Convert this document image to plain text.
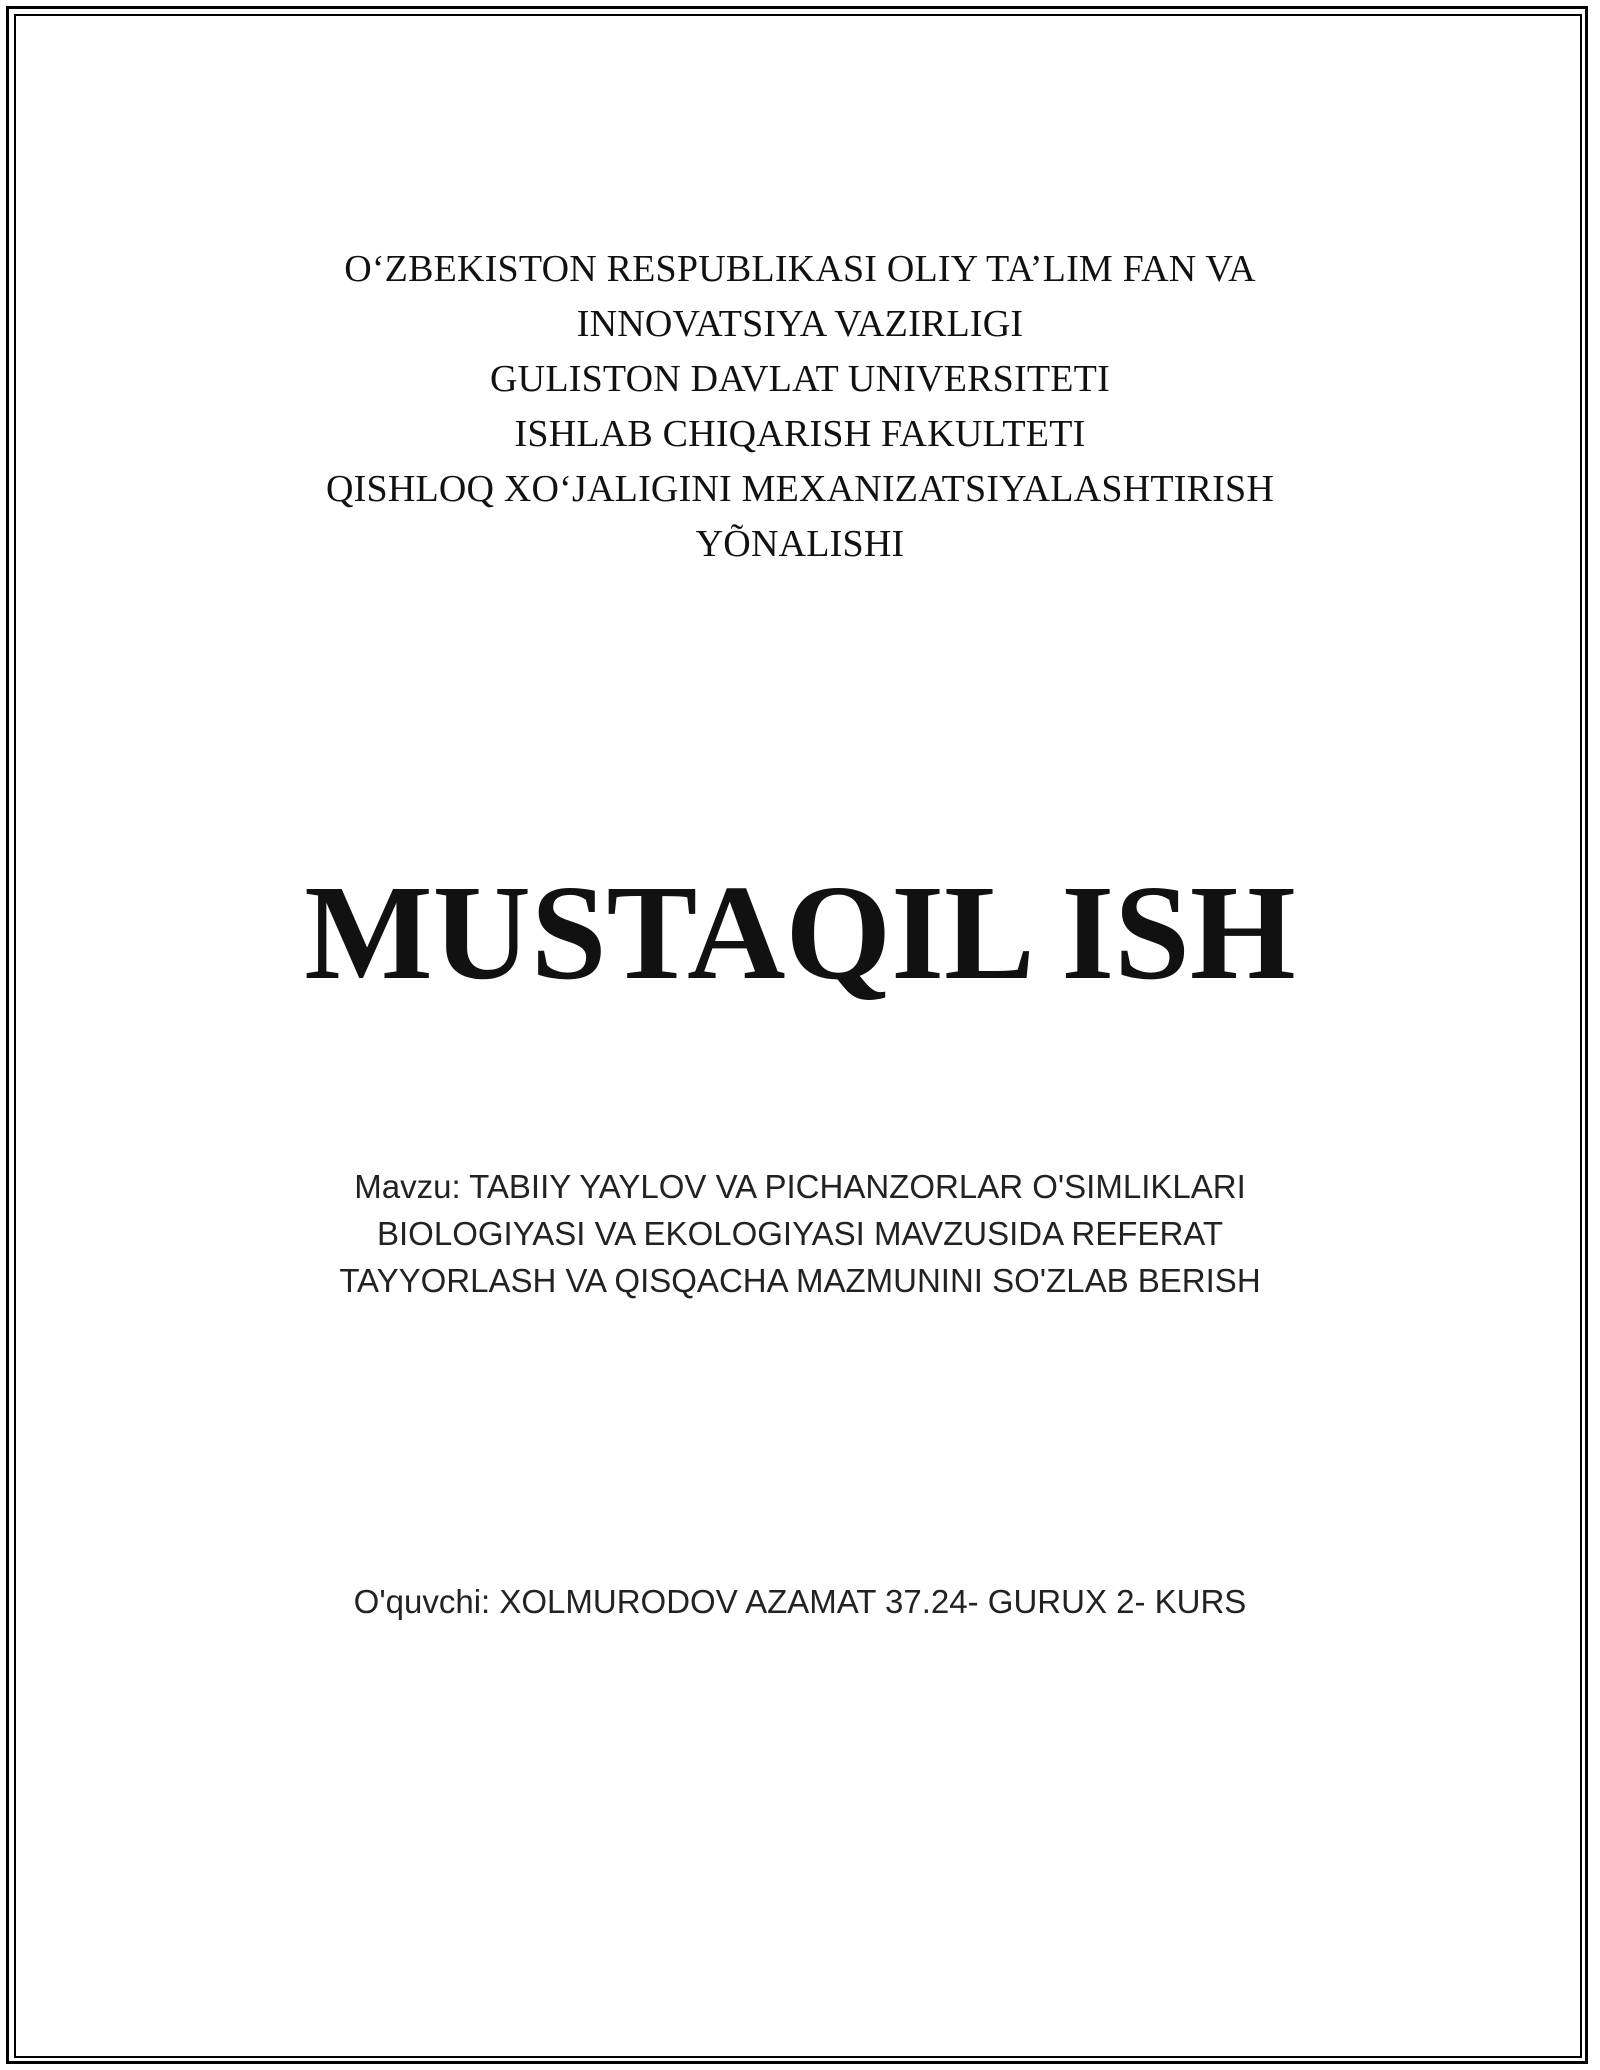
O‘ZBEKISTON RESPUBLIKASI OLIY TA’LIM FAN VA
INNOVATSIYA VAZIRLIGI
GULISTON DAVLAT UNIVERSITETI
ISHLAB CHIQARISH FAKULTETI
QISHLOQ XO‘JALIGINI MEXANIZATSIYALASHTIRISH
YÕNALISHI
MUSTAQIL ISH
Mavzu: TABIIY YAYLOV VA PICHANZORLAR O'SIMLIKLARI
BIOLOGIYASI VA EKOLOGIYASI MAVZUSIDA REFERAT
TAYYORLASH VA QISQACHA MAZMUNINI SO'ZLAB BERISH
O'quvchi: XOLMURODOV AZAMAT 37.24- GURUX 2- KURS
